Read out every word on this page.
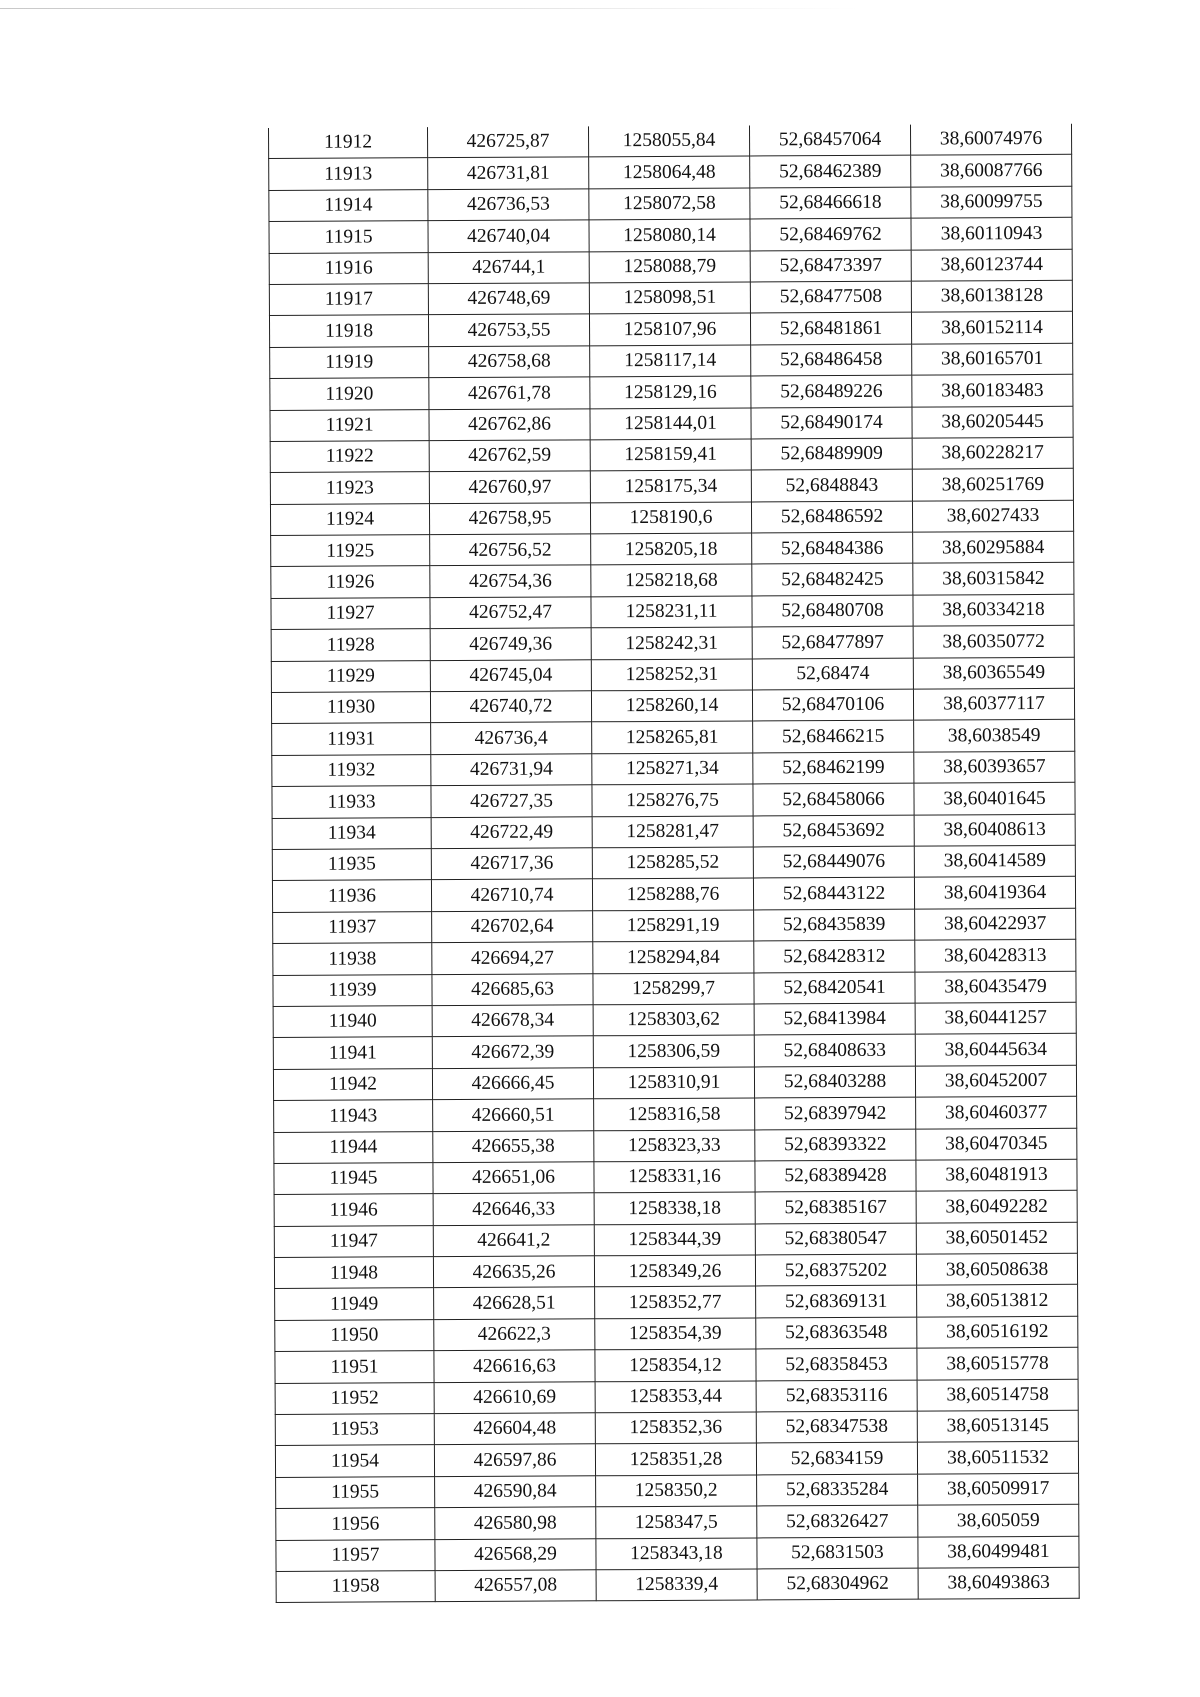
11912	426725,87	1258055,84	52,68457064	38,60074976
11913	426731,81	1258064,48	52,68462389	38,60087766
11914	426736,53	1258072,58	52,68466618	38,60099755
11915	426740,04	1258080,14	52,68469762	38,60110943
11916	426744,1	1258088,79	52,68473397	38,60123744
11917	426748,69	1258098,51	52,68477508	38,60138128
11918	426753,55	1258107,96	52,68481861	38,60152114
11919	426758,68	1258117,14	52,68486458	38,60165701
11920	426761,78	1258129,16	52,68489226	38,60183483
11921	426762,86	1258144,01	52,68490174	38,60205445
11922	426762,59	1258159,41	52,68489909	38,60228217
11923	426760,97	1258175,34	52,6848843	38,60251769
11924	426758,95	1258190,6	52,68486592	38,6027433
11925	426756,52	1258205,18	52,68484386	38,60295884
11926	426754,36	1258218,68	52,68482425	38,60315842
11927	426752,47	1258231,11	52,68480708	38,60334218
11928	426749,36	1258242,31	52,68477897	38,60350772
11929	426745,04	1258252,31	52,68474	38,60365549
11930	426740,72	1258260,14	52,68470106	38,60377117
11931	426736,4	1258265,81	52,68466215	38,6038549
11932	426731,94	1258271,34	52,68462199	38,60393657
11933	426727,35	1258276,75	52,68458066	38,60401645
11934	426722,49	1258281,47	52,68453692	38,60408613
11935	426717,36	1258285,52	52,68449076	38,60414589
11936	426710,74	1258288,76	52,68443122	38,60419364
11937	426702,64	1258291,19	52,68435839	38,60422937
11938	426694,27	1258294,84	52,68428312	38,60428313
11939	426685,63	1258299,7	52,68420541	38,60435479
11940	426678,34	1258303,62	52,68413984	38,60441257
11941	426672,39	1258306,59	52,68408633	38,60445634
11942	426666,45	1258310,91	52,68403288	38,60452007
11943	426660,51	1258316,58	52,68397942	38,60460377
11944	426655,38	1258323,33	52,68393322	38,60470345
11945	426651,06	1258331,16	52,68389428	38,60481913
11946	426646,33	1258338,18	52,68385167	38,60492282
11947	426641,2	1258344,39	52,68380547	38,60501452
11948	426635,26	1258349,26	52,68375202	38,60508638
11949	426628,51	1258352,77	52,68369131	38,60513812
11950	426622,3	1258354,39	52,68363548	38,60516192
11951	426616,63	1258354,12	52,68358453	38,60515778
11952	426610,69	1258353,44	52,68353116	38,60514758
11953	426604,48	1258352,36	52,68347538	38,60513145
11954	426597,86	1258351,28	52,6834159	38,60511532
11955	426590,84	1258350,2	52,68335284	38,60509917
11956	426580,98	1258347,5	52,68326427	38,605059
11957	426568,29	1258343,18	52,6831503	38,60499481
11958	426557,08	1258339,4	52,68304962	38,60493863
